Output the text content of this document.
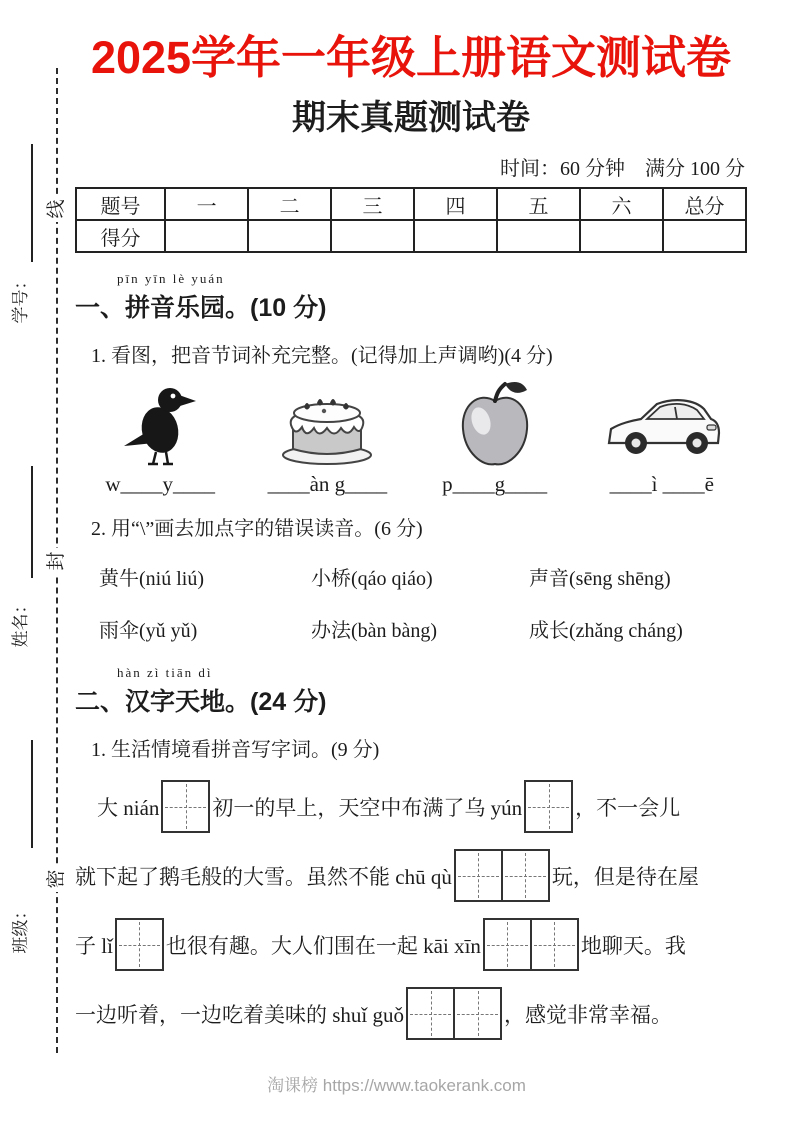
线
封
密
学号：
姓名：
班级：
2025学年一年级上册语文测试卷
期末真题测试卷
时间：60 分钟　满分 100 分
题号	一	二	三	四	五	六	总分
得分							
pīn yīn lè yuán
一、拼音乐园。(10 分)

1. 看图，把音节词补充完整。(记得加上声调哟)(4 分)

w____y____	____àn g____	p____g____	____ì ____ē

2. 用“\”画去加点字的错误读音。(6 分)

黄牛(niú liú)	小桥(qáo qiáo)	声音(sēng shēng)
雨伞(yǔ yǔ)	办法(bàn bàng)	成长(zhǎng cháng)
hàn zì tiān dì
二、汉字天地。(24 分)

1. 生活情境看拼音写字词。(9 分)

大 nián	初一的早上，天空中布满了乌 yún	，不一会儿
就下起了鹅毛般的大雪。虽然不能 chū qù	玩，但是待在屋
子 lǐ	也很有趣。大人们围在一起 kāi xīn	地聊天。我
一边听着，一边吃着美味的 shuǐ guǒ	，感觉非常幸福。
淘课榜 https://www.taokerank.com
